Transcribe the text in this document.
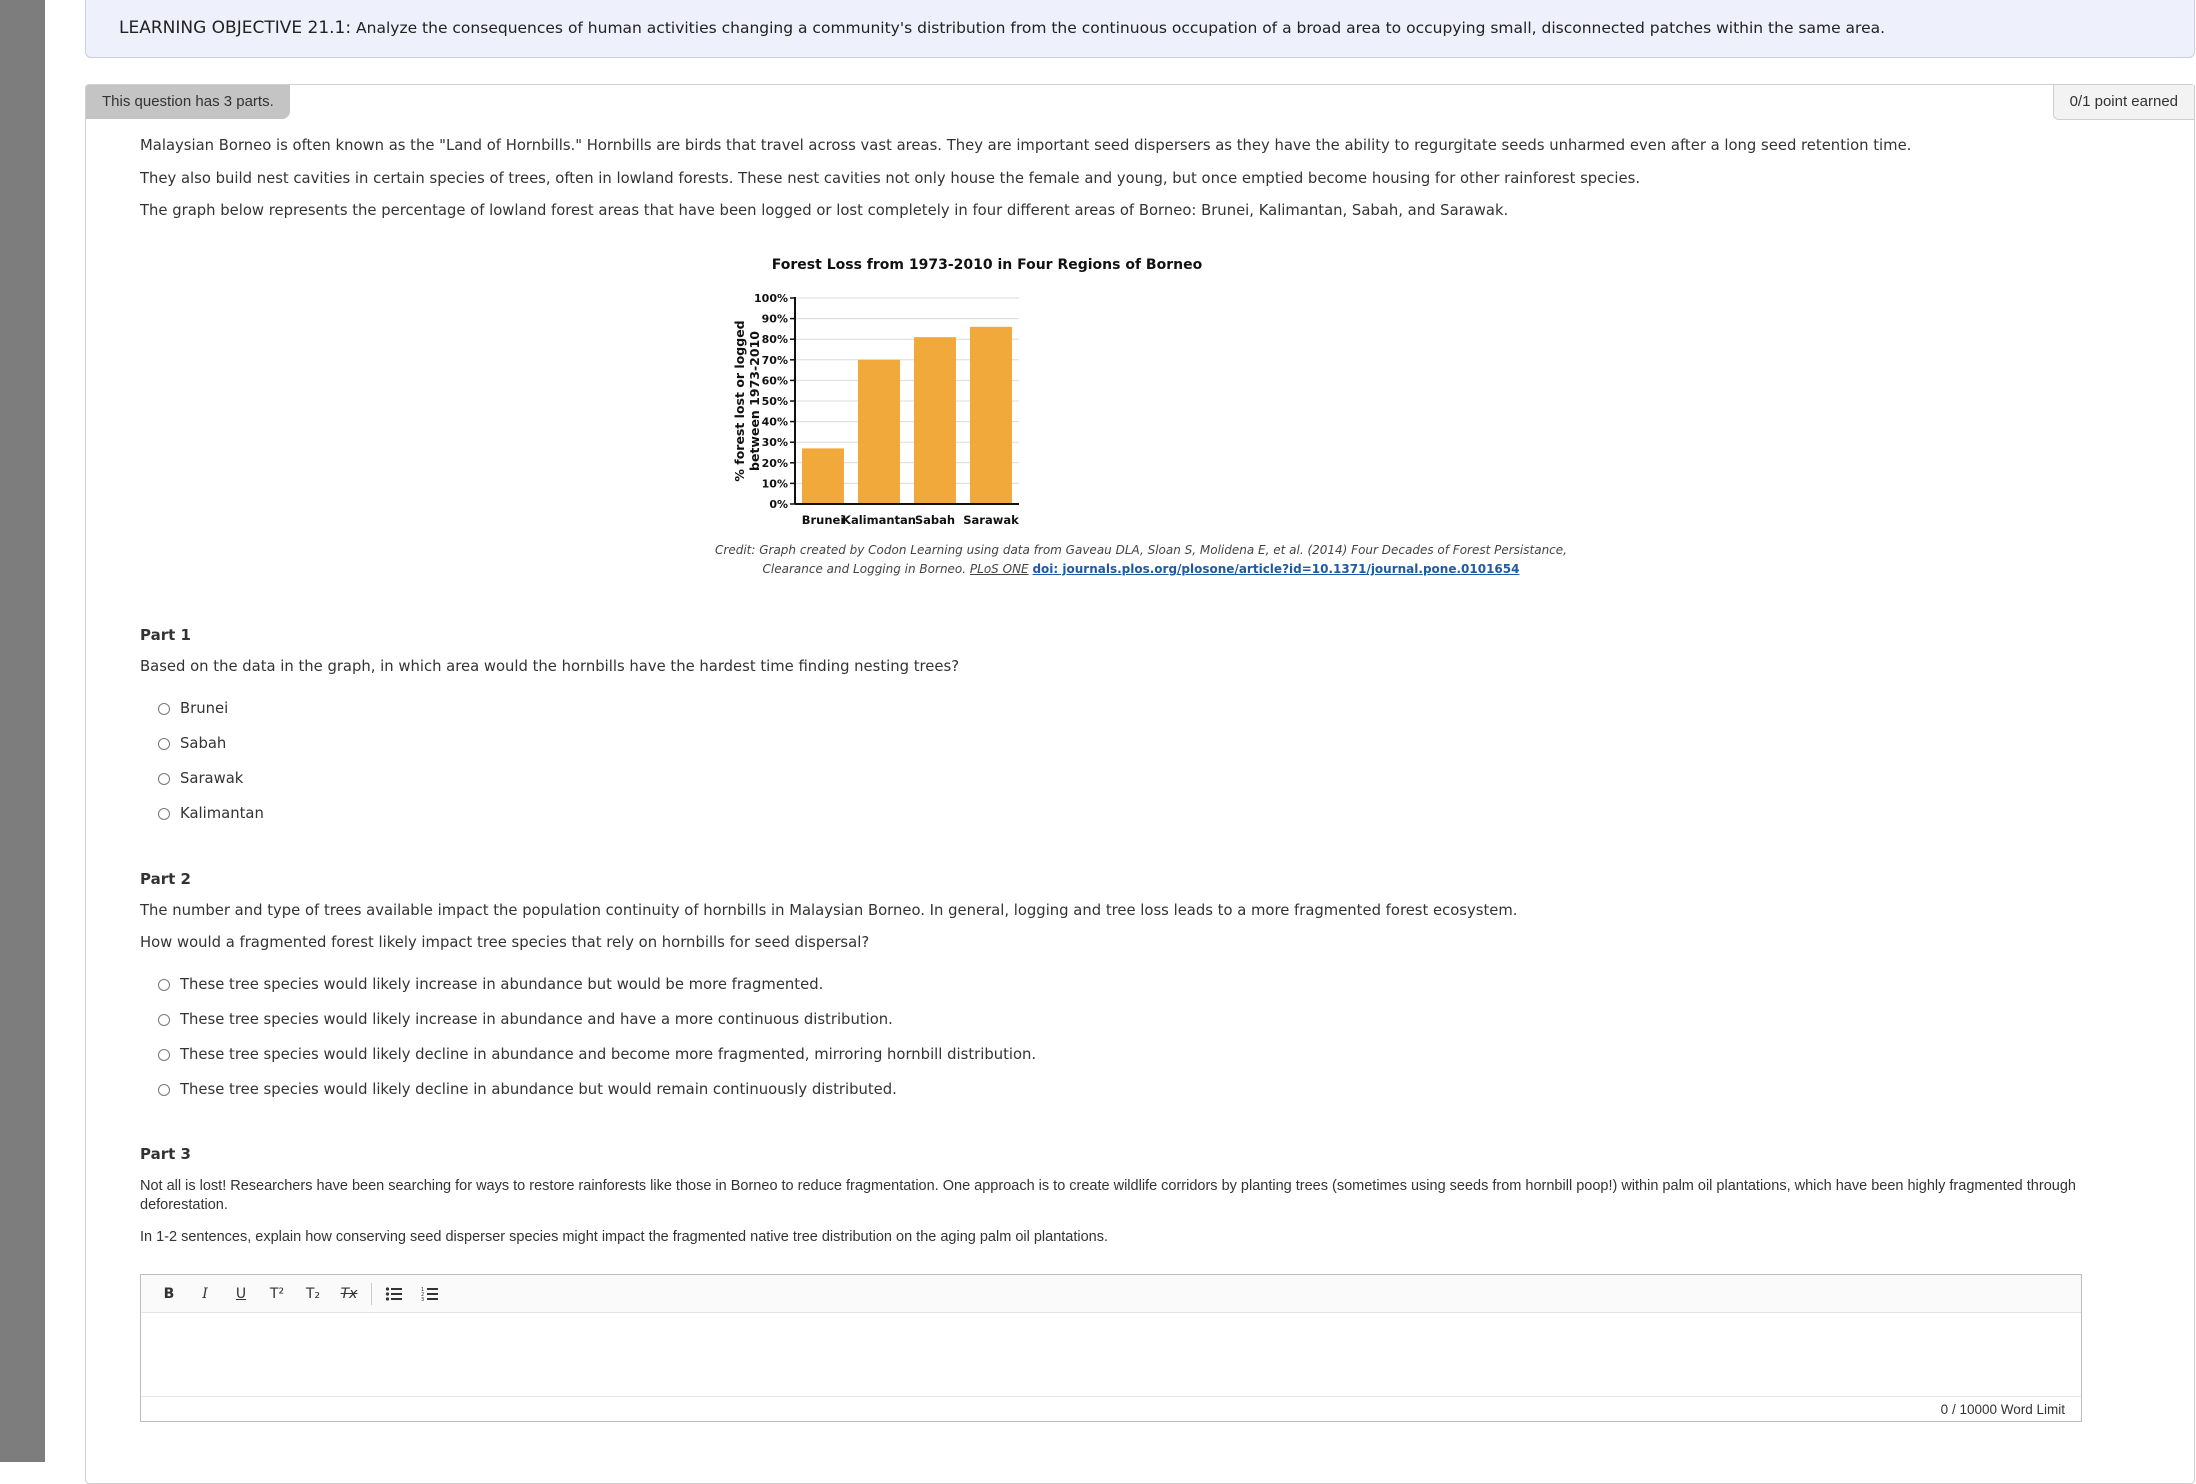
LEARNING OBJECTIVE 21.1: Analyze the consequences of human activities changing a community's distribution from the continuous occupation of a broad area to occupying small, disconnected patches within the same area.
This question has 3 parts.	0/1 point earned
Malaysian Borneo is often known as the "Land of Hornbills." Hornbills are birds that travel across vast areas. They are important seed dispersers as they have the ability to regurgitate seeds unharmed even after a long seed retention time.
They also build nest cavities in certain species of trees, often in lowland forests. These nest cavities not only house the female and young, but once emptied become housing for other rainforest species.
The graph below represents the percentage of lowland forest areas that have been logged or lost completely in four different areas of Borneo: Brunei, Kalimantan, Sabah, and Sarawak.
Forest Loss from 1973-2010 in Four Regions of Borneo
0%
10%
20%
30%
40%
50%
60%
70%
80%
90%
100%
Brunei
Kalimantan
Sabah Sarawak
% forest lost or logged between 1973-2010
Credit: Graph created by Codon Learning using data from Gaveau DLA, Sloan S, Molidena E, et al. (2014) Four Decades of Forest Persistance,
Clearance and Logging in Borneo. PLoS ONE doi: journals.plos.org/plosone/article?id=10.1371/journal.pone.0101654
Part 1
Based on the data in the graph, in which area would the hornbills have the hardest time finding nesting trees?
Brunei
Sabah
Sarawak
Kalimantan
Part 2
The number and type of trees available impact the population continuity of hornbills in Malaysian Borneo. In general, logging and tree loss leads to a more fragmented forest ecosystem.
How would a fragmented forest likely impact tree species that rely on hornbills for seed dispersal?
These tree species would likely increase in abundance but would be more fragmented.
These tree species would likely increase in abundance and have a more continuous distribution.
These tree species would likely decline in abundance and become more fragmented, mirroring hornbill distribution.
These tree species would likely decline in abundance but would remain continuously distributed.
Part 3
Not all is lost! Researchers have been searching for ways to restore rainforests like those in Borneo to reduce fragmentation. One approach is to create wildlife corridors by planting trees (sometimes using seeds from hornbill poop!) within palm oil plantations, which have been highly fragmented through
deforestation.
In 1-2 sentences, explain how conserving seed disperser species might impact the fragmented native tree distribution on the aging palm oil plantations.
B	I	U	T²	T₂	Tx	1
2
3
0 / 10000 Word Limit
